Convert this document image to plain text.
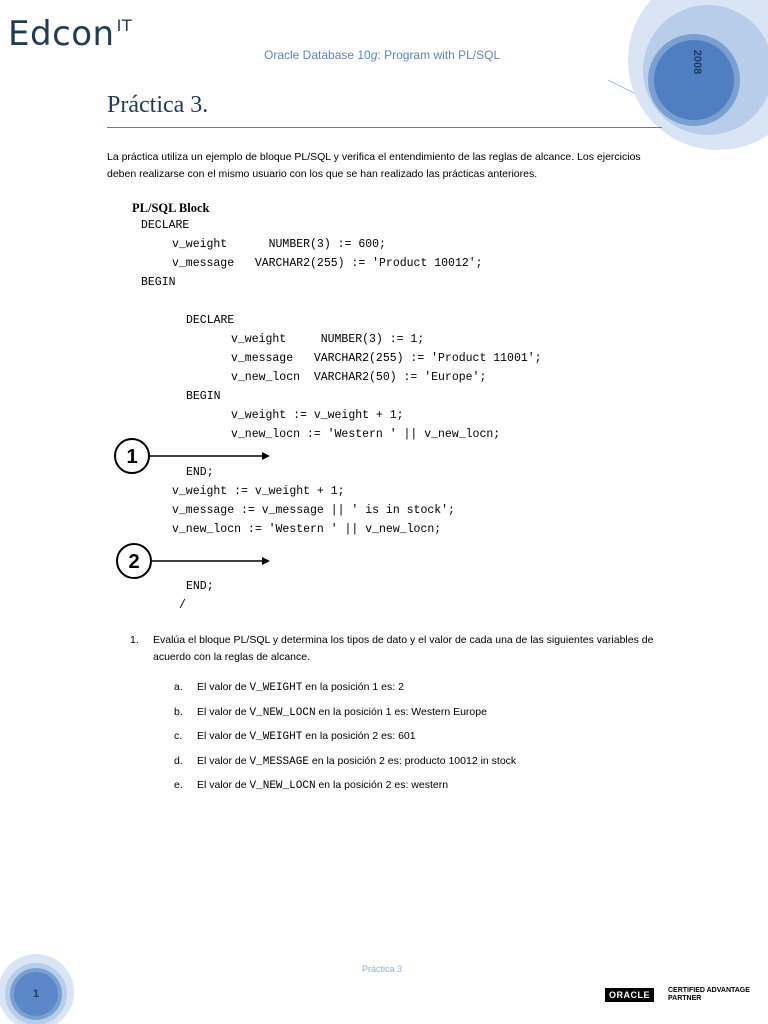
Edcon $^{IT}$
Oracle Database 10g: Program with PL/SQL	2008
Práctica 3.

La práctica utiliza un ejemplo de bloque PL/SQL y verifica el entendimiento de las reglas de alcance. Los ejercicios deben realizarse con el mismo usuario con los que se han realizado las prácticas anteriores.

PL/SQL Block
DECLARE
v_weight      NUMBER(3) := 600;
v_message   VARCHAR2(255) := 'Product 10012';
BEGIN
DECLARE
v_weight     NUMBER(3) := 1;
v_message   VARCHAR2(255) := 'Product 11001';
v_new_locn  VARCHAR2(50) := 'Europe';
BEGIN
v_weight := v_weight + 1;
v_new_locn := 'Western ' || v_new_locn;
END;
v_weight := v_weight + 1;
v_message := v_message || ' is in stock';
v_new_locn := 'Western ' || v_new_locn;
END;
/
1
2
1. Evalúa el bloque PL/SQL y determina los tipos de dato y el valor de cada una de las siguientes variables de acuerdo con la reglas de alcance.
a. El valor de V_WEIGHT en la posición 1 es: 2
b. El valor de V_NEW_LOCN en la posición 1 es: Western Europe
c. El valor de V_WEIGHT en la posición 2 es: 601
d. El valor de V_MESSAGE en la posición 2 es: producto 10012 in stock
e. El valor de V_NEW_LOCN en la posición 2 es: western
Práctica 3
1	ORACLE	CERTIFIED ADVANTAGE
PARTNER
